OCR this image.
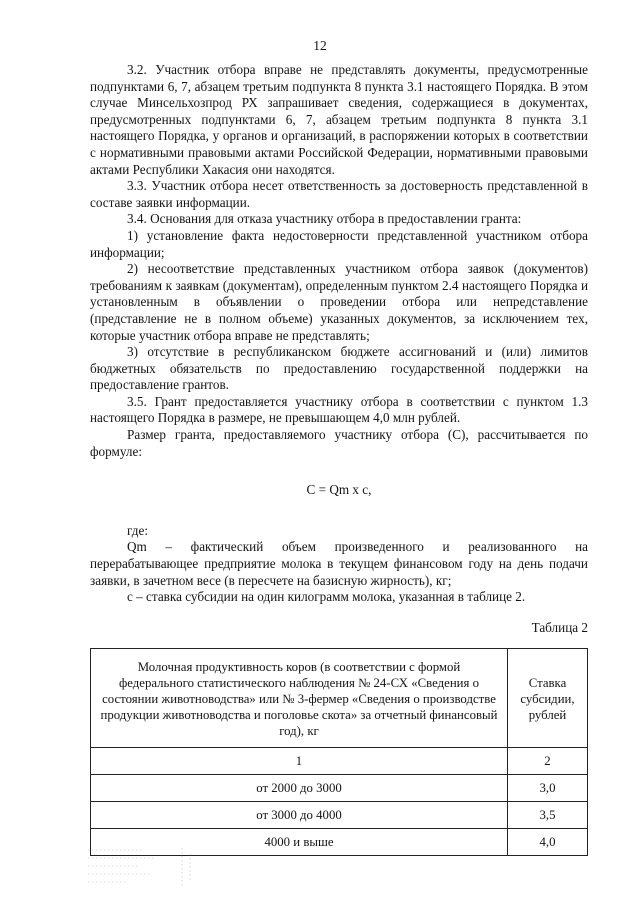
12

3.2. Участник отбора вправе не представлять документы, предусмотренные подпунктами 6, 7, абзацем третьим подпункта 8 пункта 3.1 настоящего Порядка. В этом случае Минсельхозпрод РХ запрашивает сведения, содержащиеся в документах, предусмотренных подпунктами 6, 7, абзацем третьим подпункта 8 пункта 3.1 настоящего Порядка, у органов и организаций, в распоряжении которых в соответствии с нормативными правовыми актами Российской Федерации, нормативными правовыми актами Республики Хакасия они находятся.

3.3. Участник отбора несет ответственность за достоверность представленной в составе заявки информации.

3.4. Основания для отказа участнику отбора в предоставлении гранта:

1) установление факта недостоверности представленной участником отбора информации;

2) несоответствие представленных участником отбора заявок (документов) требованиям к заявкам (документам), определенным пунктом 2.4 настоящего Порядка и установленным в объявлении о проведении отбора или непредставление (представление не в полном объеме) указанных документов, за исключением тех, которые участник отбора вправе не представлять;

3) отсутствие в республиканском бюджете ассигнований и (или) лимитов бюджетных обязательств по предоставлению государственной поддержки на предоставление грантов.

3.5. Грант предоставляется участнику отбора в соответствии с пунктом 1.3 настоящего Порядка в размере, не превышающем 4,0 млн рублей.

Размер гранта, предоставляемого участнику отбора (С), рассчитывается по формуле:

С = Qm х с,

где:

Qm – фактический объем произведенного и реализованного на перерабатывающее предприятие молока в текущем финансовом году на день подачи заявки, в зачетном весе (в пересчете на базисную жирность), кг;

с – ставка субсидии на один килограмм молока, указанная в таблице 2.

Таблица 2

Молочная продуктивность коров (в соответствии с формой федерального статистического наблюдения № 24-СХ «Сведения о состоянии животноводства» или № 3-фермер «Сведения о производстве продукции животноводства и поголовье скота» за отчетный финансовый год), кг	Ставка субсидии, рублей
1	2
от 2000 до 3000	3,0
от 3000 до 4000	3,5
4000 и выше	4,0
